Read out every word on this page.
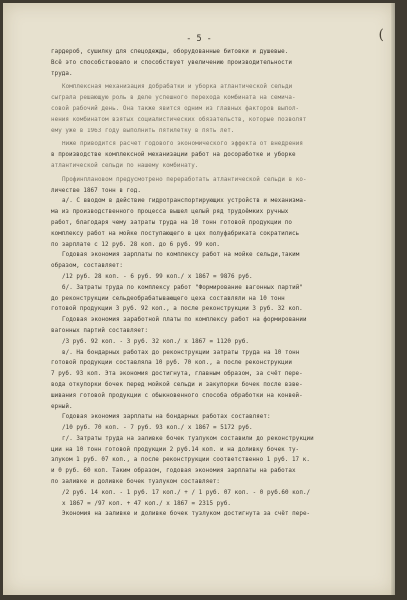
- 5 -	(
гардероб, сушилку для спецодежды, оборудованные битовки и душевые.
Всё это способствовало и способствует увеличению производительности
труда.
Комплексная механизация добрабатки и уборка атлантической сельди
сыграла решающую роль в деле успешного перехода комбината на семича-
совой рабочий день. Она также явится одним из главных факторов выпол-
нения комбинатом взятых социалистических обязательств, которые позволят
ему уже в 1963 году выполнить пятилетку в пять лет.
Ниже приводится расчёт годового экономического эффекта от внедрения
в производстве комплексной механизации работ на досоработке и уборке
атлантической сельди по нашему комбинату.
Профинплановом предусмотрено переработать атлантической сельди в ко-
личестве 1867 тонн в год.
а/. С вводом в действие гидротранспортирующих устройств и механизма-
ма из производственного процесса вышел целый ряд трудоёмких ручных
работ, благодаря чему затраты труда на 10 тонн готовой продукции по
комплексу работ на мойке поступающего в цех полуфабриката сократились
по зарплате с 12 руб. 28 коп. до 6 руб. 99 коп.
Годовая экономия зарплаты по комплексу работ на мойке сельди,таким
образом, составляет:
/12 руб. 28 коп. - 6 руб. 99 коп./ х 1867 = 9876 руб.
б/. Затраты труда по комплексу работ "Формирование вагонных партий"
до реконструкции сельдеобрабатывающего цеха составляли на 10 тонн
готовой продукции 3 руб. 92 коп., а после реконструкции 3 руб. 32 коп.
Годовая экономия заработной платы по комплексу работ на формировании
вагонных партий составляет:
/3 руб. 92 коп. - 3 руб. 32 коп./ х 1867 = 1120 руб.
в/. На бондарных работах до реконструкции затраты труда на 10 тонн
готовой продукции составляла 10 руб. 70 коп., а после реконструкции
7 руб. 93 коп. Эта экономия достигнута, главным образом, за счёт пере-
вода откупорки бочек перед мойкой сельди и закупорки бочек после взве-
шивания готовой продукции с обыкновенного способа обработки на конвей-
ерный.
Годовая экономия зарплаты на бондарных работах составляет:
/10 руб. 70 коп. - 7 руб. 93 коп./ х 1867 = 5172 руб.
г/. Затраты труда на заливке бочек тузлуком составили до реконструкции
ции на 10 тонн готовой продукции 2 руб.14 коп. и на доливку бочек ту-
злуком 1 руб. 07 коп., а после реконструкции соответственно 1 руб. 17 к.
и 0 руб. 60 коп. Таким образом, годовая экономия зарплаты на работах
по заливке и доливке бочек тузлуком составляет:
/2 руб. 14 коп. - 1 руб. 17 коп./ + / 1 руб. 07 коп. - 0 руб.60 коп./
х 1867 = /97 коп. + 47 коп./ х 1867 = 2315 руб.
Экономия на заливке и доливке бочек тузлуком достигнута за счёт пере-
